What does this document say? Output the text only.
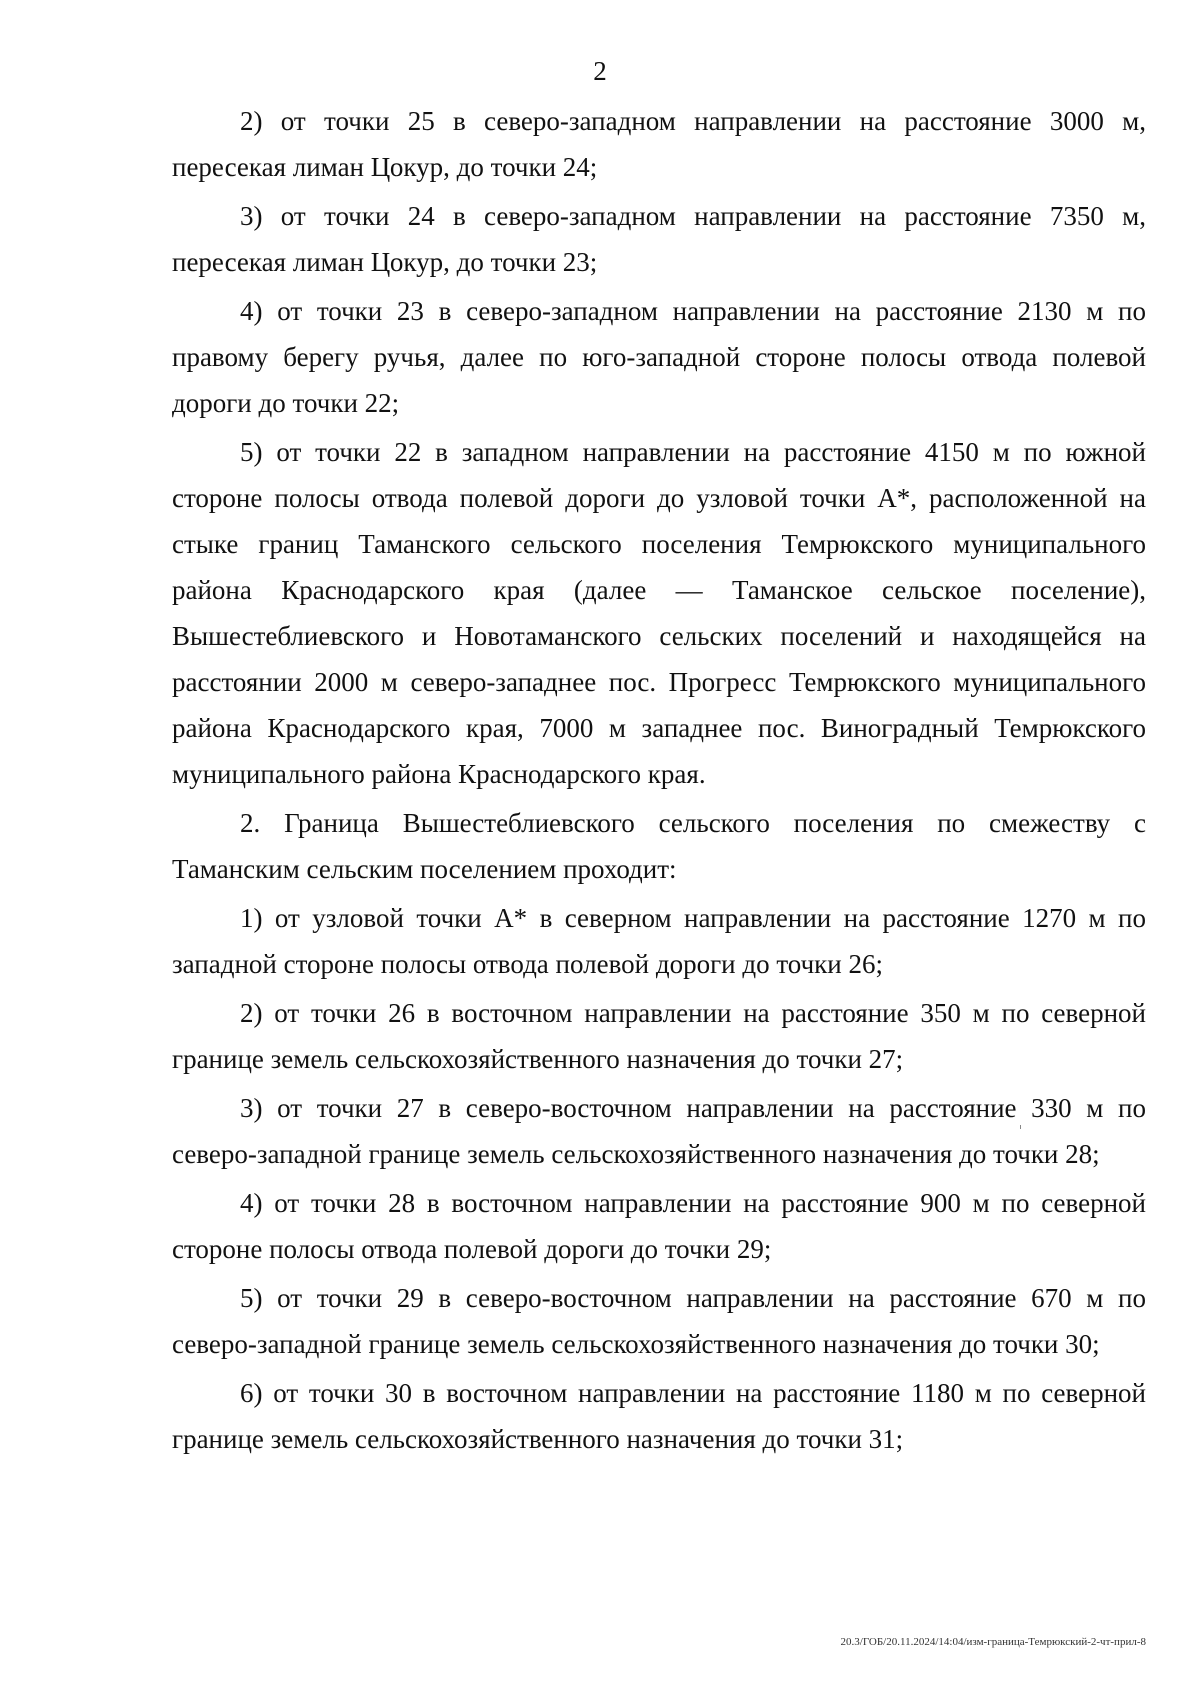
2

2) от точки 25 в северо-западном направлении на расстояние 3000 м, пересекая лиман Цокур, до точки 24;

3) от точки 24 в северо-западном направлении на расстояние 7350 м, пересекая лиман Цокур, до точки 23;

4) от точки 23 в северо-западном направлении на расстояние 2130 м по правому берегу ручья, далее по юго-западной стороне полосы отвода полевой дороги до точки 22;

5) от точки 22 в западном направлении на расстояние 4150 м по южной стороне полосы отвода полевой дороги до узловой точки А*, расположенной на стыке границ Таманского сельского поселения Темрюкского муниципального района Краснодарского края (далее — Таманское сельское поселение), Вышестеблиевского и Новотаманского сельских поселений и находящейся на расстоянии 2000 м северо-западнее пос. Прогресс Темрюкского муниципального района Краснодарского края, 7000 м западнее пос. Виноградный Темрюкского муниципального района Краснодарского края.

2. Граница Вышестеблиевского сельского поселения по смежеству с Таманским сельским поселением проходит:

1) от узловой точки А* в северном направлении на расстояние 1270 м по западной стороне полосы отвода полевой дороги до точки 26;

2) от точки 26 в восточном направлении на расстояние 350 м по северной границе земель сельскохозяйственного назначения до точки 27;

3) от точки 27 в северо-восточном направлении на расстояние 330 м по северо-западной границе земель сельскохозяйственного назначения до точки 28;

4) от точки 28 в восточном направлении на расстояние 900 м по северной стороне полосы отвода полевой дороги до точки 29;

5) от точки 29 в северо-восточном направлении на расстояние 670 м по северо-западной границе земель сельскохозяйственного назначения до точки 30;

6) от точки 30 в восточном направлении на расстояние 1180 м по северной границе земель сельскохозяйственного назначения до точки 31;

20.3/ГОБ/20.11.2024/14:04/изм-граница-Темрюкский-2-чт-прил-8
